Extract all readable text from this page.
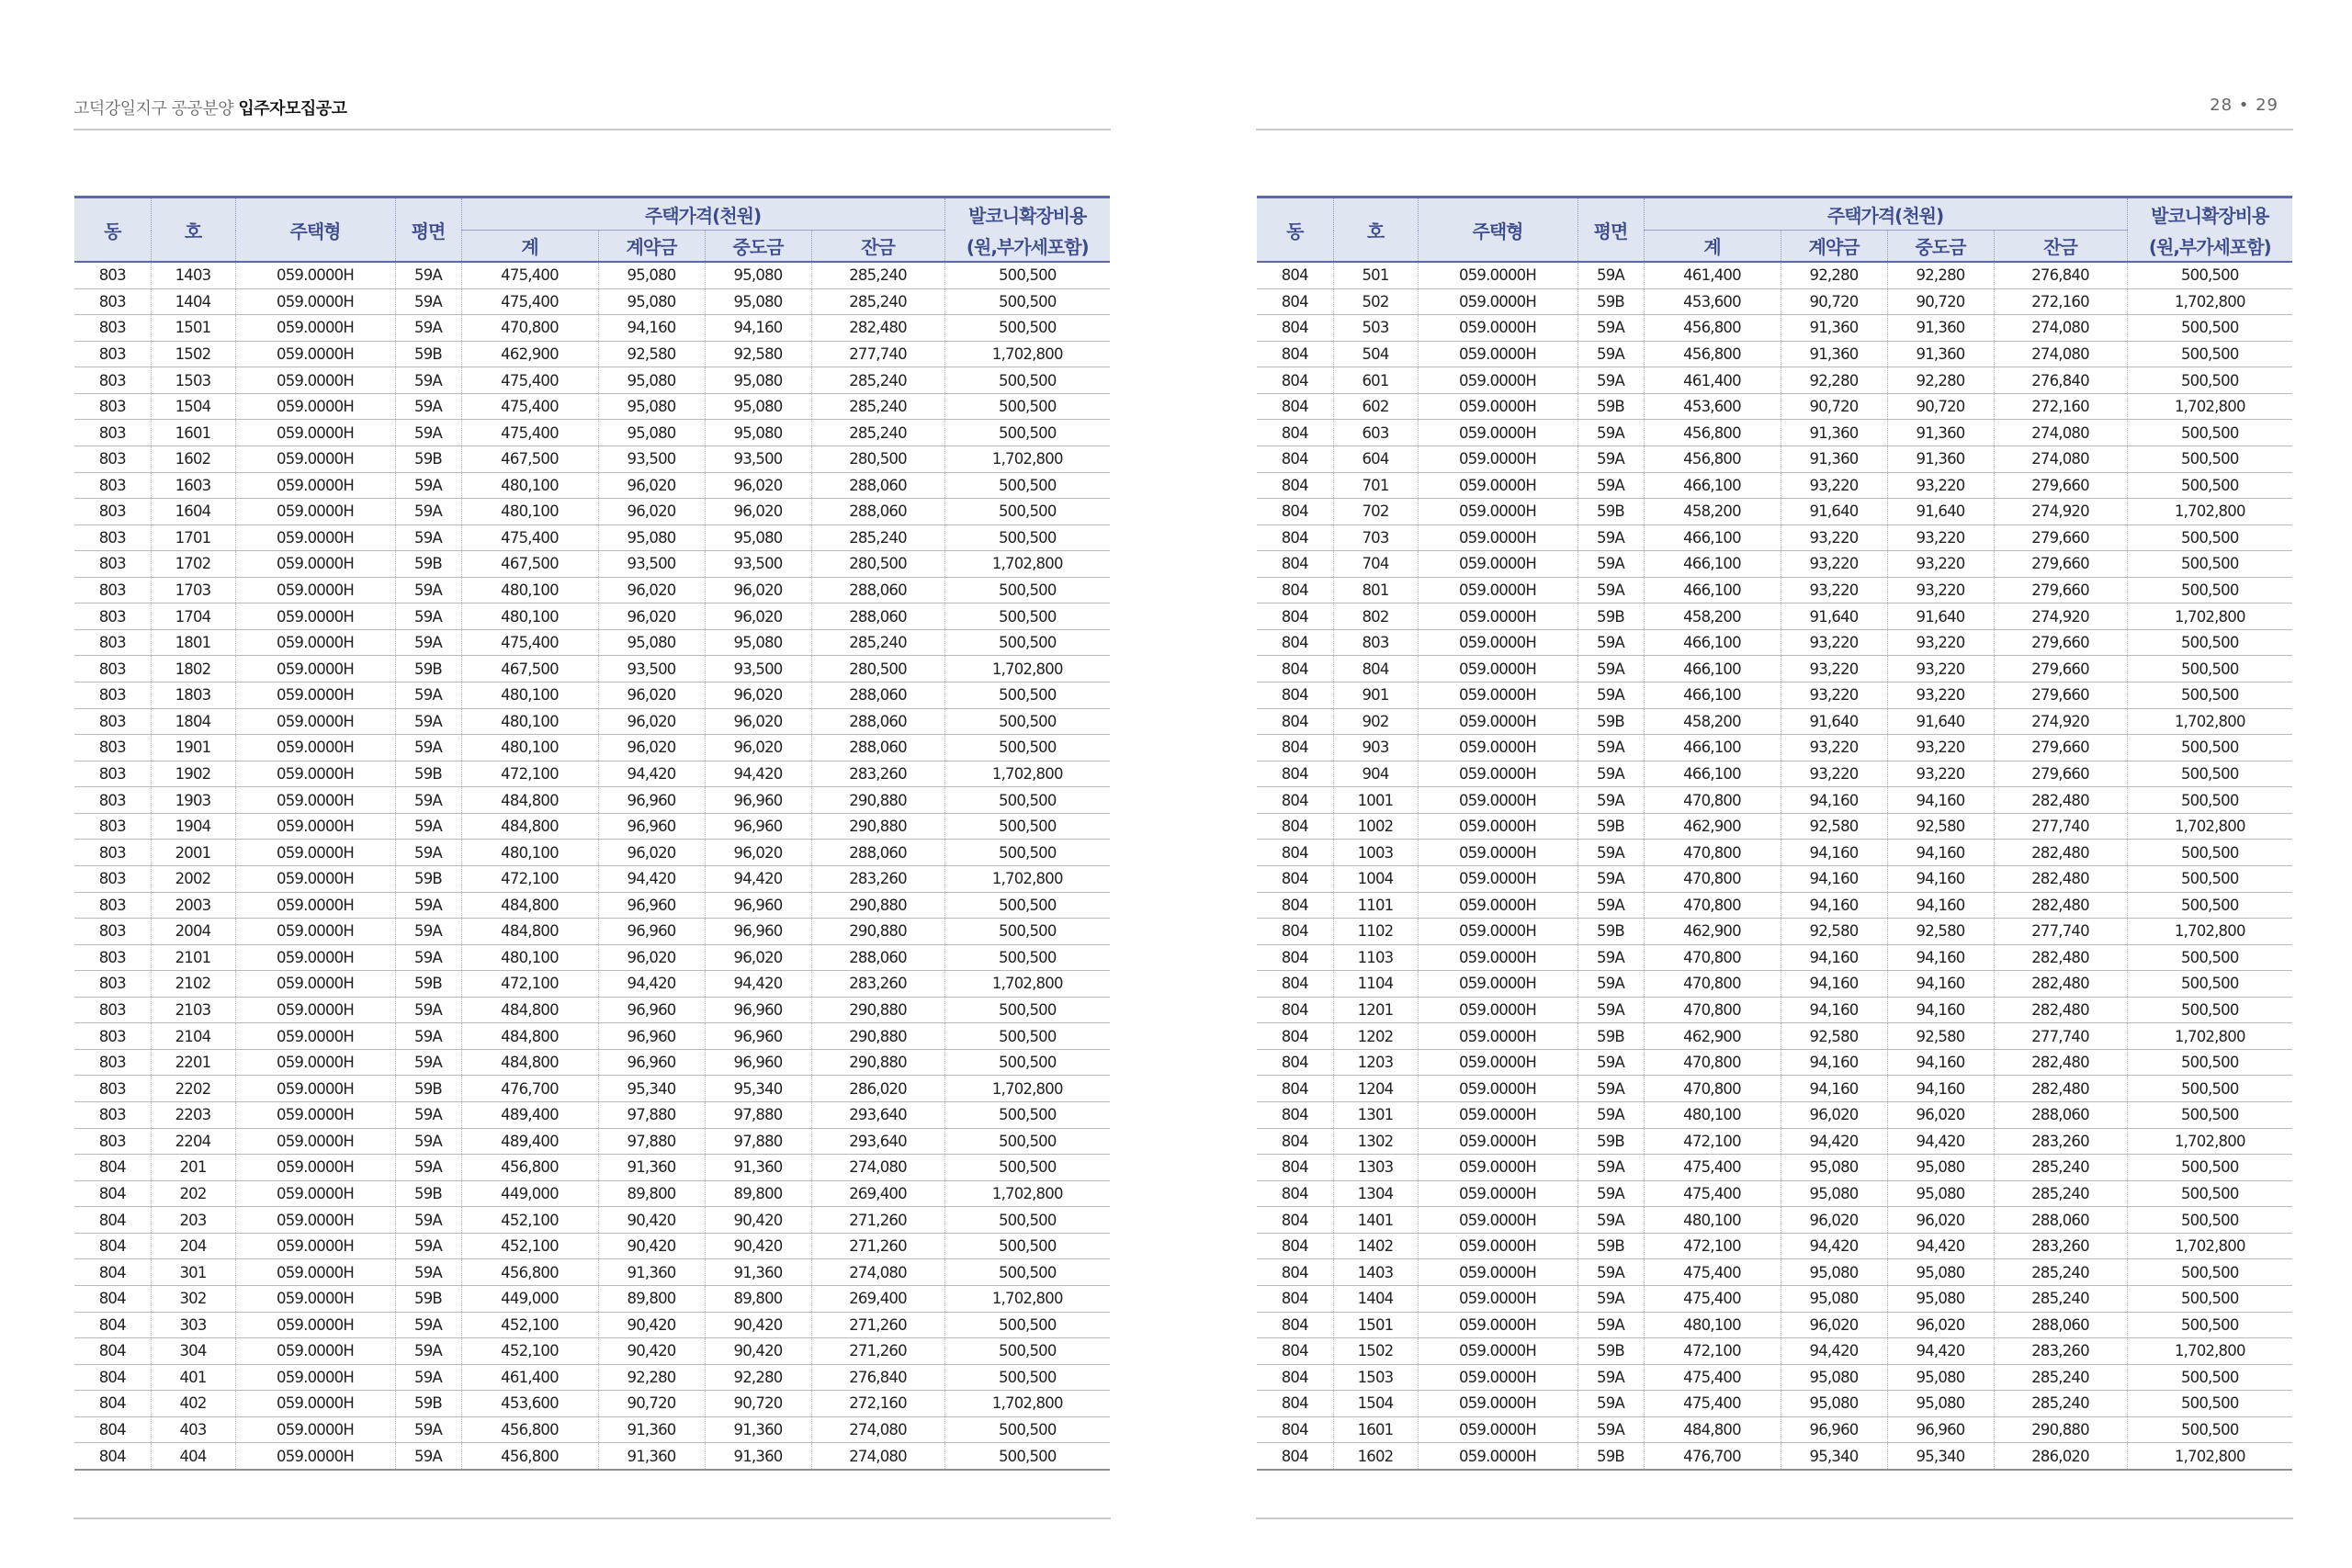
고덕강일지구 공공분양 입주자모집공고	28 • 29
동	호	주택형	평면	주택가격(천원)				발코니확장비용
				계	계약금	중도금	잔금	(원,부가세포함)
803	1403	059.0000H	59A	475,400	95,080	95,080	285,240	500,500
803	1404	059.0000H	59A	475,400	95,080	95,080	285,240	500,500
803	1501	059.0000H	59A	470,800	94,160	94,160	282,480	500,500
803	1502	059.0000H	59B	462,900	92,580	92,580	277,740	1,702,800
803	1503	059.0000H	59A	475,400	95,080	95,080	285,240	500,500
803	1504	059.0000H	59A	475,400	95,080	95,080	285,240	500,500
803	1601	059.0000H	59A	475,400	95,080	95,080	285,240	500,500
803	1602	059.0000H	59B	467,500	93,500	93,500	280,500	1,702,800
803	1603	059.0000H	59A	480,100	96,020	96,020	288,060	500,500
803	1604	059.0000H	59A	480,100	96,020	96,020	288,060	500,500
803	1701	059.0000H	59A	475,400	95,080	95,080	285,240	500,500
803	1702	059.0000H	59B	467,500	93,500	93,500	280,500	1,702,800
803	1703	059.0000H	59A	480,100	96,020	96,020	288,060	500,500
803	1704	059.0000H	59A	480,100	96,020	96,020	288,060	500,500
803	1801	059.0000H	59A	475,400	95,080	95,080	285,240	500,500
803	1802	059.0000H	59B	467,500	93,500	93,500	280,500	1,702,800
803	1803	059.0000H	59A	480,100	96,020	96,020	288,060	500,500
803	1804	059.0000H	59A	480,100	96,020	96,020	288,060	500,500
803	1901	059.0000H	59A	480,100	96,020	96,020	288,060	500,500
803	1902	059.0000H	59B	472,100	94,420	94,420	283,260	1,702,800
803	1903	059.0000H	59A	484,800	96,960	96,960	290,880	500,500
803	1904	059.0000H	59A	484,800	96,960	96,960	290,880	500,500
803	2001	059.0000H	59A	480,100	96,020	96,020	288,060	500,500
803	2002	059.0000H	59B	472,100	94,420	94,420	283,260	1,702,800
803	2003	059.0000H	59A	484,800	96,960	96,960	290,880	500,500
803	2004	059.0000H	59A	484,800	96,960	96,960	290,880	500,500
803	2101	059.0000H	59A	480,100	96,020	96,020	288,060	500,500
803	2102	059.0000H	59B	472,100	94,420	94,420	283,260	1,702,800
803	2103	059.0000H	59A	484,800	96,960	96,960	290,880	500,500
803	2104	059.0000H	59A	484,800	96,960	96,960	290,880	500,500
803	2201	059.0000H	59A	484,800	96,960	96,960	290,880	500,500
803	2202	059.0000H	59B	476,700	95,340	95,340	286,020	1,702,800
803	2203	059.0000H	59A	489,400	97,880	97,880	293,640	500,500
803	2204	059.0000H	59A	489,400	97,880	97,880	293,640	500,500
804	201	059.0000H	59A	456,800	91,360	91,360	274,080	500,500
804	202	059.0000H	59B	449,000	89,800	89,800	269,400	1,702,800
804	203	059.0000H	59A	452,100	90,420	90,420	271,260	500,500
804	204	059.0000H	59A	452,100	90,420	90,420	271,260	500,500
804	301	059.0000H	59A	456,800	91,360	91,360	274,080	500,500
804	302	059.0000H	59B	449,000	89,800	89,800	269,400	1,702,800
804	303	059.0000H	59A	452,100	90,420	90,420	271,260	500,500
804	304	059.0000H	59A	452,100	90,420	90,420	271,260	500,500
804	401	059.0000H	59A	461,400	92,280	92,280	276,840	500,500
804	402	059.0000H	59B	453,600	90,720	90,720	272,160	1,702,800
804	403	059.0000H	59A	456,800	91,360	91,360	274,080	500,500
804	404	059.0000H	59A	456,800	91,360	91,360	274,080	500,500
동	호	주택형	평면	주택가격(천원)				발코니확장비용
				계	계약금	중도금	잔금	(원,부가세포함)
804	501	059.0000H	59A	461,400	92,280	92,280	276,840	500,500
804	502	059.0000H	59B	453,600	90,720	90,720	272,160	1,702,800
804	503	059.0000H	59A	456,800	91,360	91,360	274,080	500,500
804	504	059.0000H	59A	456,800	91,360	91,360	274,080	500,500
804	601	059.0000H	59A	461,400	92,280	92,280	276,840	500,500
804	602	059.0000H	59B	453,600	90,720	90,720	272,160	1,702,800
804	603	059.0000H	59A	456,800	91,360	91,360	274,080	500,500
804	604	059.0000H	59A	456,800	91,360	91,360	274,080	500,500
804	701	059.0000H	59A	466,100	93,220	93,220	279,660	500,500
804	702	059.0000H	59B	458,200	91,640	91,640	274,920	1,702,800
804	703	059.0000H	59A	466,100	93,220	93,220	279,660	500,500
804	704	059.0000H	59A	466,100	93,220	93,220	279,660	500,500
804	801	059.0000H	59A	466,100	93,220	93,220	279,660	500,500
804	802	059.0000H	59B	458,200	91,640	91,640	274,920	1,702,800
804	803	059.0000H	59A	466,100	93,220	93,220	279,660	500,500
804	804	059.0000H	59A	466,100	93,220	93,220	279,660	500,500
804	901	059.0000H	59A	466,100	93,220	93,220	279,660	500,500
804	902	059.0000H	59B	458,200	91,640	91,640	274,920	1,702,800
804	903	059.0000H	59A	466,100	93,220	93,220	279,660	500,500
804	904	059.0000H	59A	466,100	93,220	93,220	279,660	500,500
804	1001	059.0000H	59A	470,800	94,160	94,160	282,480	500,500
804	1002	059.0000H	59B	462,900	92,580	92,580	277,740	1,702,800
804	1003	059.0000H	59A	470,800	94,160	94,160	282,480	500,500
804	1004	059.0000H	59A	470,800	94,160	94,160	282,480	500,500
804	1101	059.0000H	59A	470,800	94,160	94,160	282,480	500,500
804	1102	059.0000H	59B	462,900	92,580	92,580	277,740	1,702,800
804	1103	059.0000H	59A	470,800	94,160	94,160	282,480	500,500
804	1104	059.0000H	59A	470,800	94,160	94,160	282,480	500,500
804	1201	059.0000H	59A	470,800	94,160	94,160	282,480	500,500
804	1202	059.0000H	59B	462,900	92,580	92,580	277,740	1,702,800
804	1203	059.0000H	59A	470,800	94,160	94,160	282,480	500,500
804	1204	059.0000H	59A	470,800	94,160	94,160	282,480	500,500
804	1301	059.0000H	59A	480,100	96,020	96,020	288,060	500,500
804	1302	059.0000H	59B	472,100	94,420	94,420	283,260	1,702,800
804	1303	059.0000H	59A	475,400	95,080	95,080	285,240	500,500
804	1304	059.0000H	59A	475,400	95,080	95,080	285,240	500,500
804	1401	059.0000H	59A	480,100	96,020	96,020	288,060	500,500
804	1402	059.0000H	59B	472,100	94,420	94,420	283,260	1,702,800
804	1403	059.0000H	59A	475,400	95,080	95,080	285,240	500,500
804	1404	059.0000H	59A	475,400	95,080	95,080	285,240	500,500
804	1501	059.0000H	59A	480,100	96,020	96,020	288,060	500,500
804	1502	059.0000H	59B	472,100	94,420	94,420	283,260	1,702,800
804	1503	059.0000H	59A	475,400	95,080	95,080	285,240	500,500
804	1504	059.0000H	59A	475,400	95,080	95,080	285,240	500,500
804	1601	059.0000H	59A	484,800	96,960	96,960	290,880	500,500
804	1602	059.0000H	59B	476,700	95,340	95,340	286,020	1,702,800
